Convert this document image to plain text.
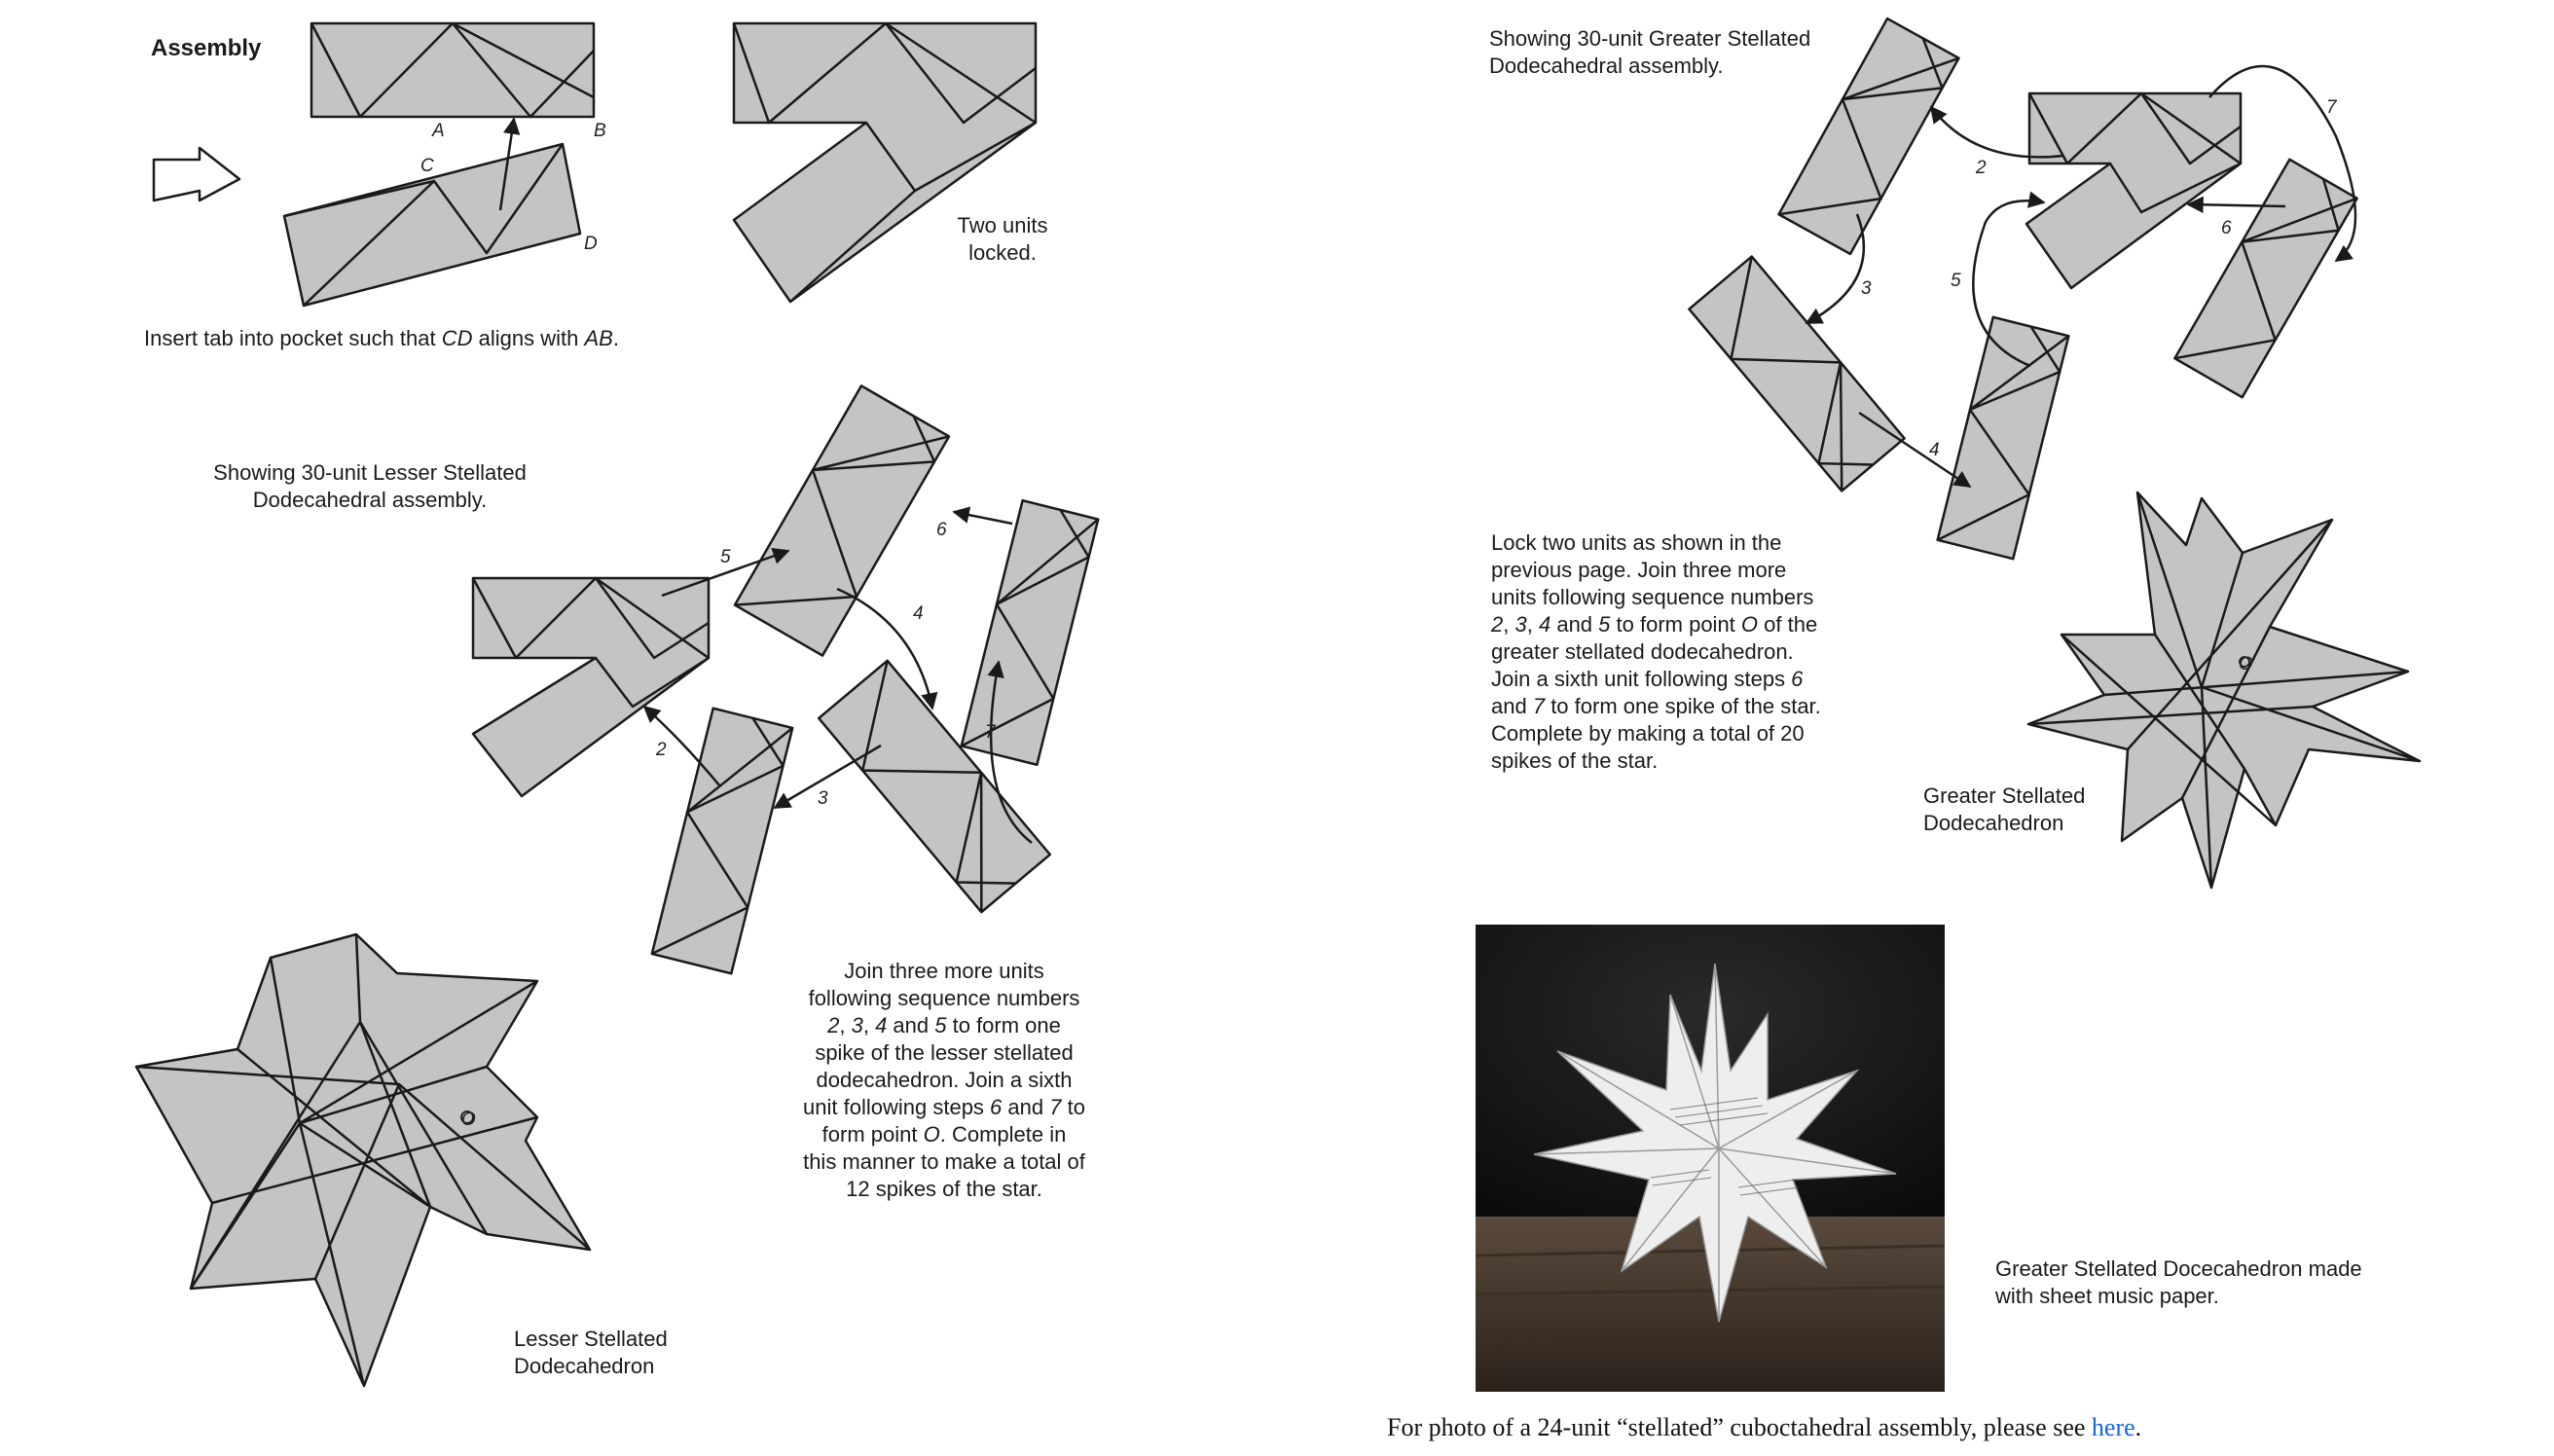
A	B
C
D
O
O
2
3
4
5
6
7
2
3
4
5
6
7
Assembly
Two units
locked.
Insert tab into pocket such that CD aligns with AB.
Showing 30-unit Lesser Stellated
Dodecahedral assembly.
Join three more units
following sequence numbers
2, 3, 4 and 5 to form one
spike of the lesser stellated
dodecahedron. Join a sixth
unit following steps 6 and 7 to
form point O. Complete in
this manner to make a total of
12 spikes of the star.
Lesser Stellated
Dodecahedron
Showing 30-unit Greater Stellated
Dodecahedral assembly.
Lock two units as shown in the
previous page. Join three more
units following sequence numbers
2, 3, 4 and 5 to form point O of the
greater stellated dodecahedron.
Join a sixth unit following steps 6
and 7 to form one spike of the star.
Complete by making a total of 20
spikes of the star.
Greater Stellated
Dodecahedron
Greater Stellated Docecahedron made
with sheet music paper.
For photo of a 24-unit “stellated” cuboctahedral assembly, please see here.
